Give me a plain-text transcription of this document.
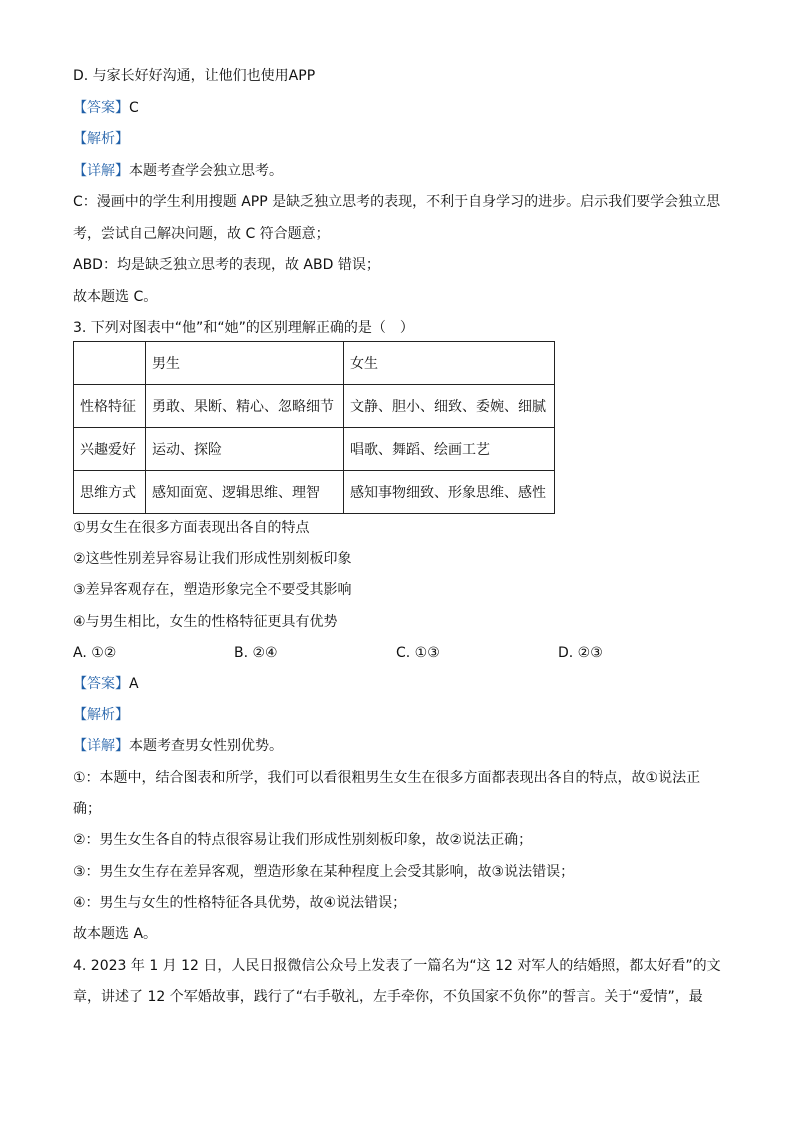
D. 与家长好好沟通，让他们也使用APP
【答案】C
【解析】
【详解】本题考查学会独立思考。
C：漫画中的学生利用搜题 APP 是缺乏独立思考的表现，不利于自身学习的进步。启示我们要学会独立思
考，尝试自己解决问题，故 C 符合题意；
ABD：均是缺乏独立思考的表现，故 ABD 错误；
故本题选 C。
3. 下列对图表中“他”和“她”的区别理解正确的是（　）
	男生	女生
性格特征	勇敢、果断、精心、忽略细节	文静、胆小、细致、委婉、细腻
兴趣爱好	运动、探险	唱歌、舞蹈、绘画工艺
思维方式	感知面宽、逻辑思维、理智	感知事物细致、形象思维、感性
①男女生在很多方面表现出各自的特点
②这些性别差异容易让我们形成性别刻板印象
③差异客观存在，塑造形象完全不要受其影响
④与男生相比，女生的性格特征更具有优势
A. ①②	B. ②④	C. ①③	D. ②③
【答案】A
【解析】
【详解】本题考查男女性别优势。
①：本题中，结合图表和所学，我们可以看很粗男生女生在很多方面都表现出各自的特点，故①说法正
确；
②：男生女生各自的特点很容易让我们形成性别刻板印象，故②说法正确；
③：男生女生存在差异客观，塑造形象在某种程度上会受其影响，故③说法错误；
④：男生与女生的性格特征各具优势，故④说法错误；
故本题选 A。
4. 2023 年 1 月 12 日，人民日报微信公众号上发表了一篇名为“这 12 对军人的结婚照，都太好看”的文
章，讲述了 12 个军婚故事，践行了“右手敬礼，左手牵你，不负国家不负你”的誓言。关于“爱情”，最
